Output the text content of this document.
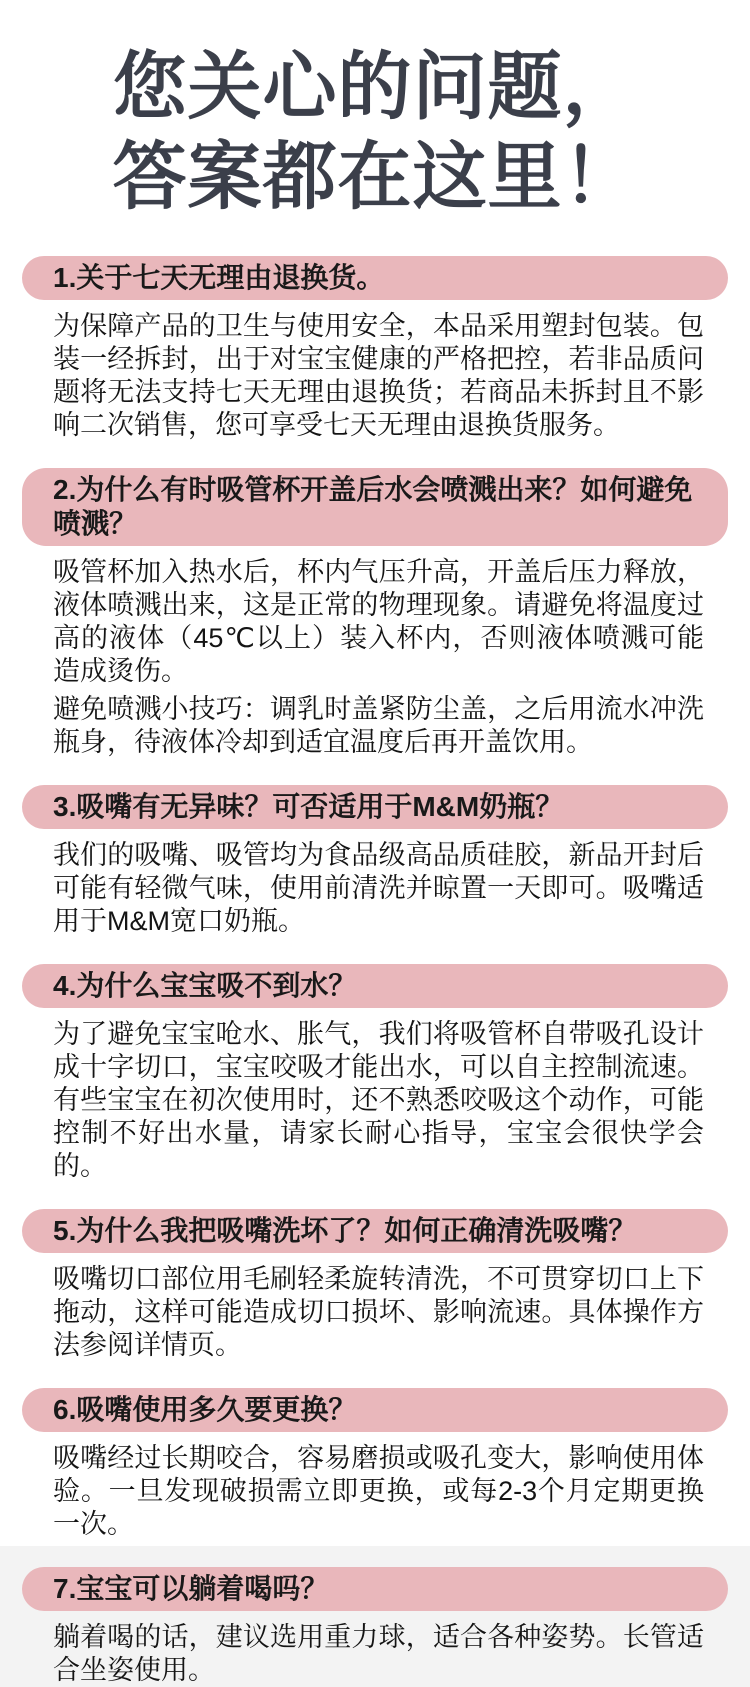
您关心的问题，
答案都在这里！
1.关于七天无理由退换货。

为保障产品的卫生与使用安全，本品采用塑封包装。包装一经拆封，出于对宝宝健康的严格把控，若非品质问题将无法支持七天无理由退换货；若商品未拆封且不影响二次销售，您可享受七天无理由退换货服务。

2.为什么有时吸管杯开盖后水会喷溅出来？如何避免喷溅？

吸管杯加入热水后，杯内气压升高，开盖后压力释放，液体喷溅出来，这是正常的物理现象。请避免将温度过高的液体（45℃以上）装入杯内，否则液体喷溅可能造成烫伤。

避免喷溅小技巧：调乳时盖紧防尘盖，之后用流水冲洗瓶身，待液体冷却到适宜温度后再开盖饮用。

3.吸嘴有无异味？可否适用于M&M奶瓶？

我们的吸嘴、吸管均为食品级高品质硅胶，新品开封后可能有轻微气味，使用前清洗并晾置一天即可。吸嘴适用于M&M宽口奶瓶。

4.为什么宝宝吸不到水？

为了避免宝宝呛水、胀气，我们将吸管杯自带吸孔设计成十字切口，宝宝咬吸才能出水，可以自主控制流速。有些宝宝在初次使用时，还不熟悉咬吸这个动作，可能控制不好出水量，请家长耐心指导，宝宝会很快学会的。

5.为什么我把吸嘴洗坏了？如何正确清洗吸嘴？

吸嘴切口部位用毛刷轻柔旋转清洗，不可贯穿切口上下拖动，这样可能造成切口损坏、影响流速。具体操作方法参阅详情页。

6.吸嘴使用多久要更换？

吸嘴经过长期咬合，容易磨损或吸孔变大，影响使用体验。一旦发现破损需立即更换，或每2-3个月定期更换一次。

7.宝宝可以躺着喝吗？

躺着喝的话，建议选用重力球，适合各种姿势。长管适合坐姿使用。
